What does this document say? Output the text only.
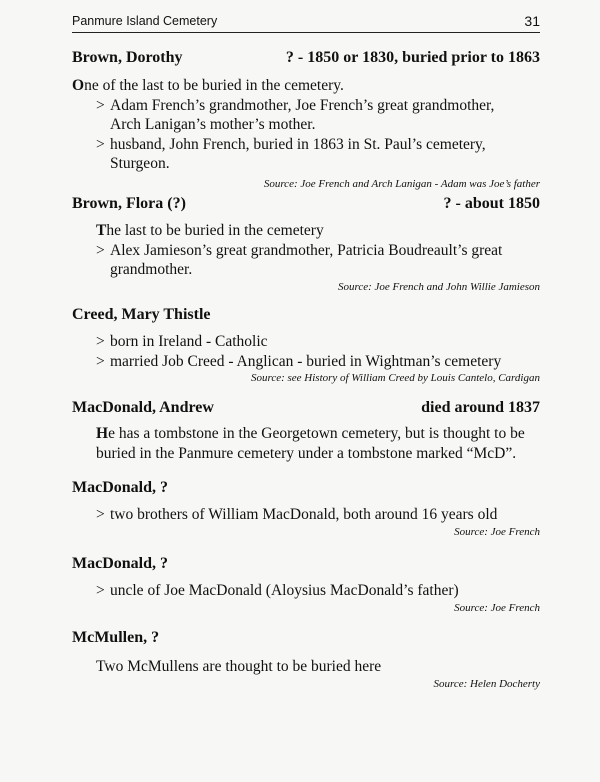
Panmure Island Cemetery	31
Brown, Dorothy	? - 1850 or 1830, buried prior to 1863
One of the last to be buried in the cemetery.
> Adam French’s grandmother, Joe French’s great grandmother,
Arch Lanigan’s mother’s mother.
> husband, John French, buried in 1863 in St. Paul’s cemetery,
Sturgeon.
Source: Joe French and Arch Lanigan - Adam was Joe’s father
Brown, Flora (?)	? - about 1850
The last to be buried in the cemetery
> Alex Jamieson’s great grandmother, Patricia Boudreault’s great
grandmother.
Source: Joe French and John Willie Jamieson
Creed, Mary Thistle
> born in Ireland - Catholic
> married Job Creed - Anglican - buried in Wightman’s cemetery
Source: see History of William Creed by Louis Cantelo, Cardigan
MacDonald, Andrew	died around 1837
He has a tombstone in the Georgetown cemetery, but is thought to be
buried in the Panmure cemetery under a tombstone marked “McD”.
MacDonald, ?
> two brothers of William MacDonald, both around 16 years old
Source: Joe French
MacDonald, ?
> uncle of Joe MacDonald (Aloysius MacDonald’s father)
Source: Joe French
McMullen, ?
Two McMullens are thought to be buried here
Source: Helen Docherty
